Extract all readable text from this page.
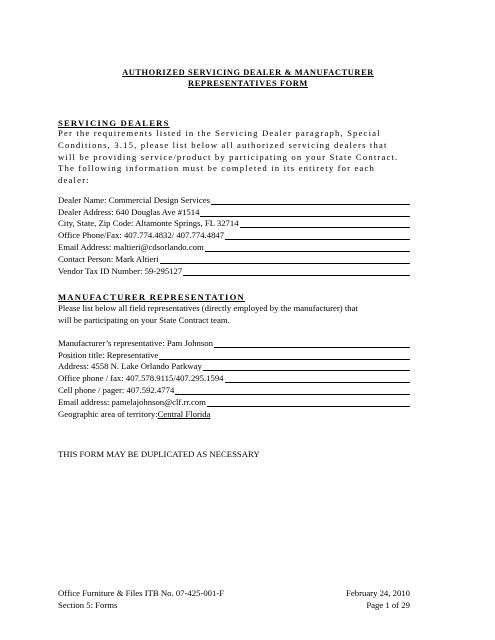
AUTHORIZED SERVICING DEALER & MANUFACTURER
REPRESENTATIVES FORM
SERVICING DEALERS
Per the requirements listed in the Servicing Dealer paragraph, Special
Conditions, 3.15, please list below all authorized servicing dealers that
will be providing service/product by participating on your State Contract.
The following information must be completed in its entirety for each
dealer:
Dealer Name: Commercial Design Services
Dealer Address: 640 Douglas Ave #1514
City, State, Zip Code: Altamonte Springs, FL 32714
Office Phone/Fax: 407.774.4832/ 407.774.4847
Email Address: maltieri@cdsorlando.com
Contact Person: Mark Altieri
Vendor Tax ID Number: 59-295127
MANUFACTURER REPRESENTATION
Please list below all field representatives (directly employed by the manufacturer) that
will be participating on your State Contract team.
Manufacturer’s representative: Pam Johnson
Position title: Representative
Address: 4558 N. Lake Orlando Parkway
Office phone / fax: 407.578.9115/407.295.1594
Cell phone / pager: 407.592.4774
Email address: pamelajohnson@clf.rr.com
Geographic area of territory: Central Florida
THIS FORM MAY BE DUPLICATED AS NECESSARY
Office Furniture & Files ITB No. 07-425-001-F	February 24, 2010
Section 5: Forms	Page 1 of 29
